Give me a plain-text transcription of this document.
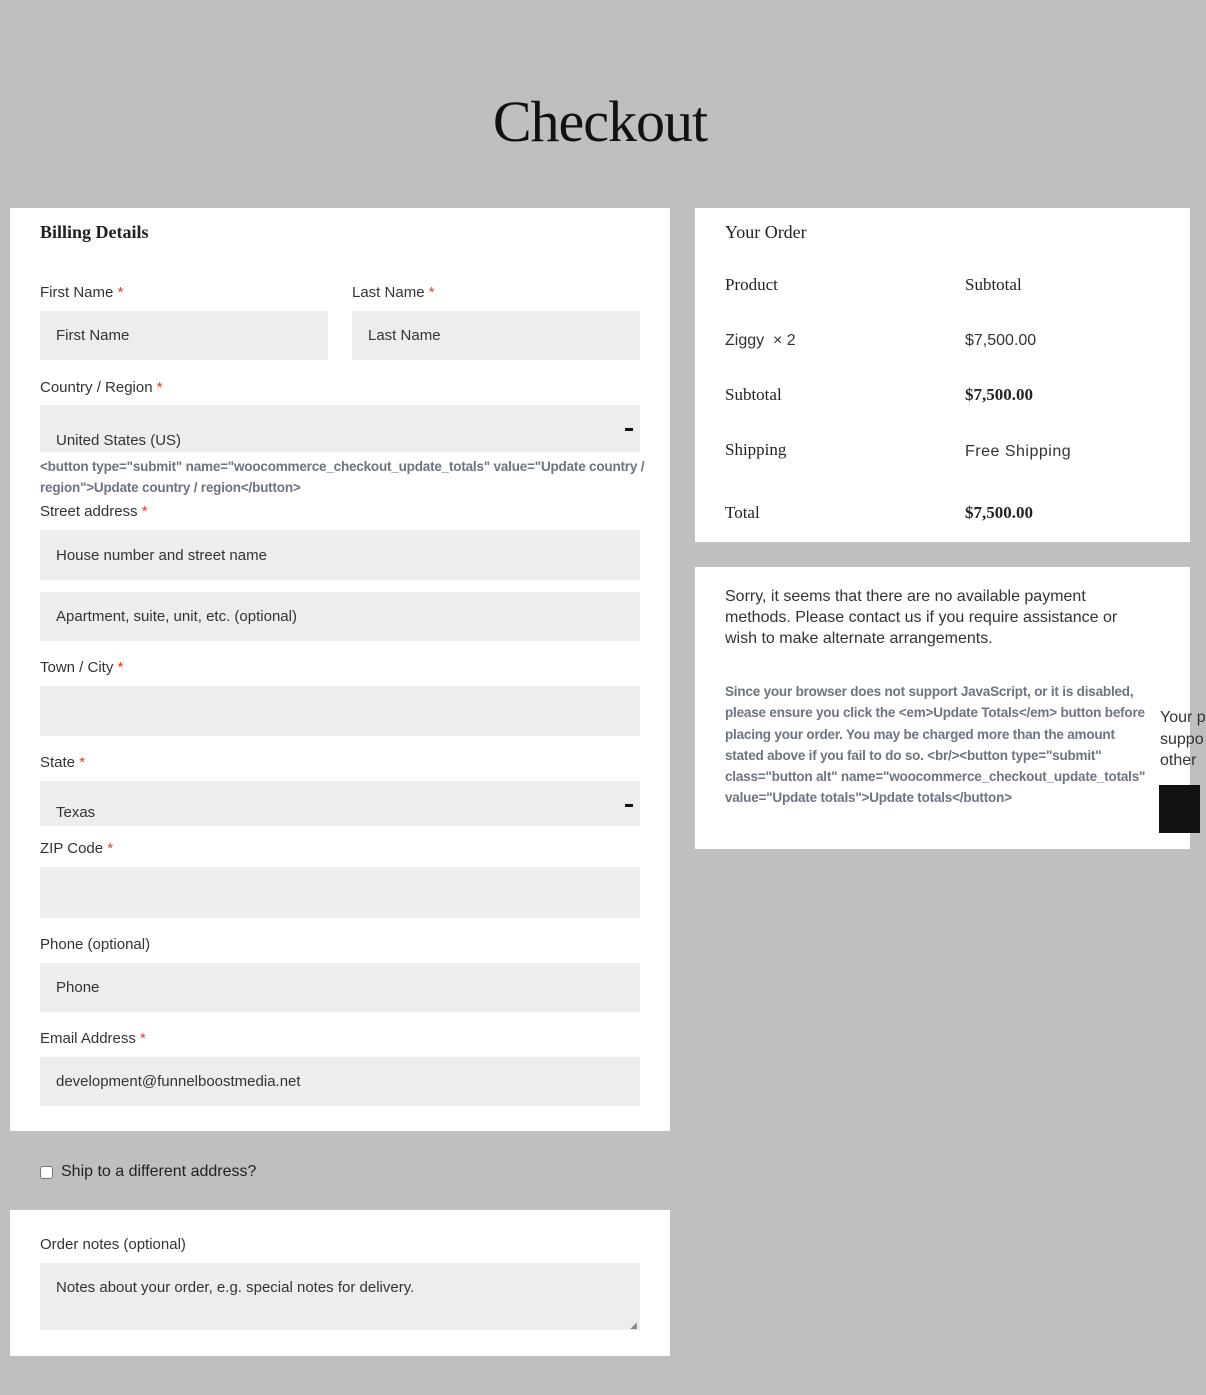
Checkout
Billing Details
First Name *	Last Name *
First Name	Last Name
Country / Region *
United States (US)
<button type="submit" name="woocommerce_checkout_update_totals" value="Update country / region">Update country / region</button>
Street address *
House number and street name
Apartment, suite, unit, etc. (optional)
Town / City *
State *
Texas
ZIP Code *
Phone (optional)
Phone
Email Address *
development@funnelboostmedia.net
Ship to a different address?
Order notes (optional)
Notes about your order, e.g. special notes for delivery.
◢
Your Order
Product	Subtotal
Ziggy × 2	$7,500.00
Subtotal	$7,500.00
Shipping	Free Shipping
Total	$7,500.00
Sorry, it seems that there are no available payment methods. Please contact us if you require assistance or wish to make alternate arrangements.
Since your browser does not support JavaScript, or it is disabled, please ensure you click the <em>Update Totals</em> button before placing your order. You may be charged more than the amount stated above if you fail to do so. <br/><button type="submit" class="button alt" name="woocommerce_checkout_update_totals" value="Update totals">Update totals</button>
Your p
suppo
other
